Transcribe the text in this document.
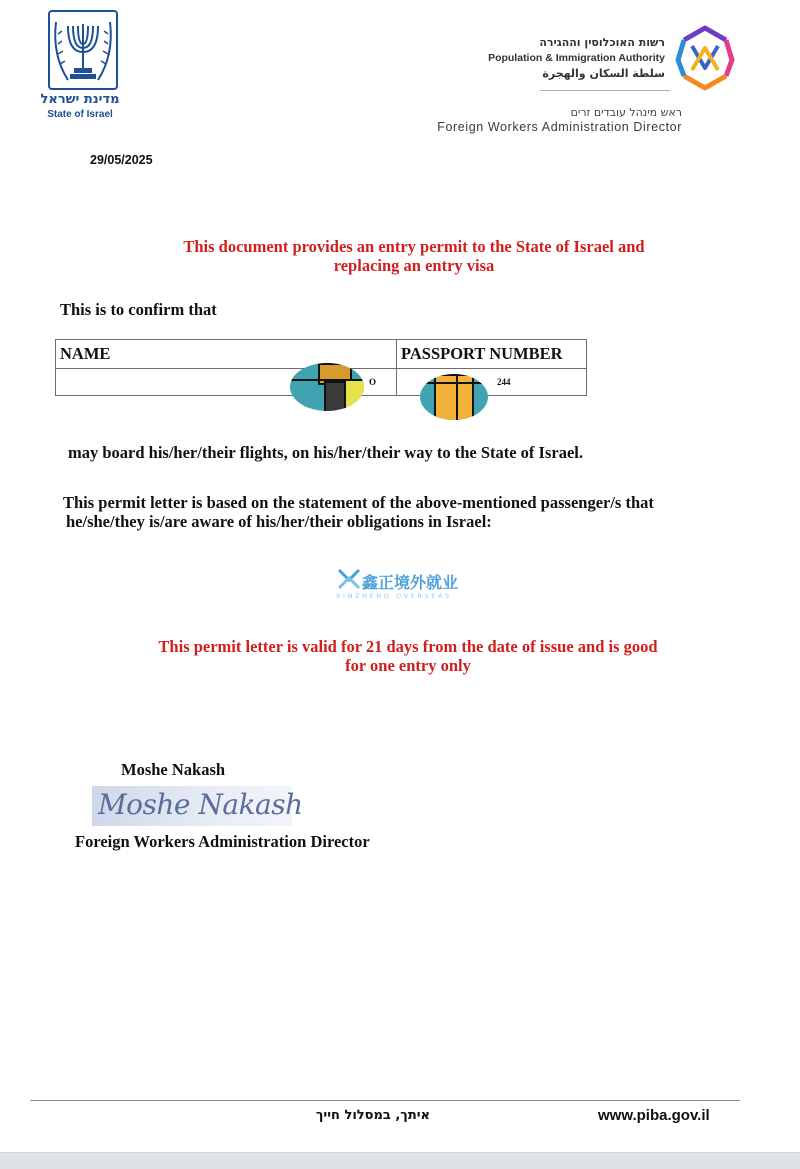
מדינת ישראל
State of Israel
רשות האוכלוסין וההגירה
Population & Immigration Authority
سلطة السكان والهجرة
ראש מינהל עובדים זרים
Foreign Workers Administration Director
29/05/2025
This document provides an entry permit to the State of Israel and
replacing an entry visa
This is to confirm that
NAME	PASSPORT NUMBER
O	244
may board his/her/their flights, on his/her/their way to the State of Israel.
This permit letter is based on the statement of the above-mentioned passenger/s that
he/she/they is/are aware of his/her/their obligations in Israel:
鑫正境外就业
XINZHENG OVERSEAS
This permit letter is valid for 21 days from the date of issue and is good
for one entry only
Moshe Nakash
Moshe Nakash
Foreign Workers Administration Director
איתך, במסלול חייך	www.piba.gov.il
